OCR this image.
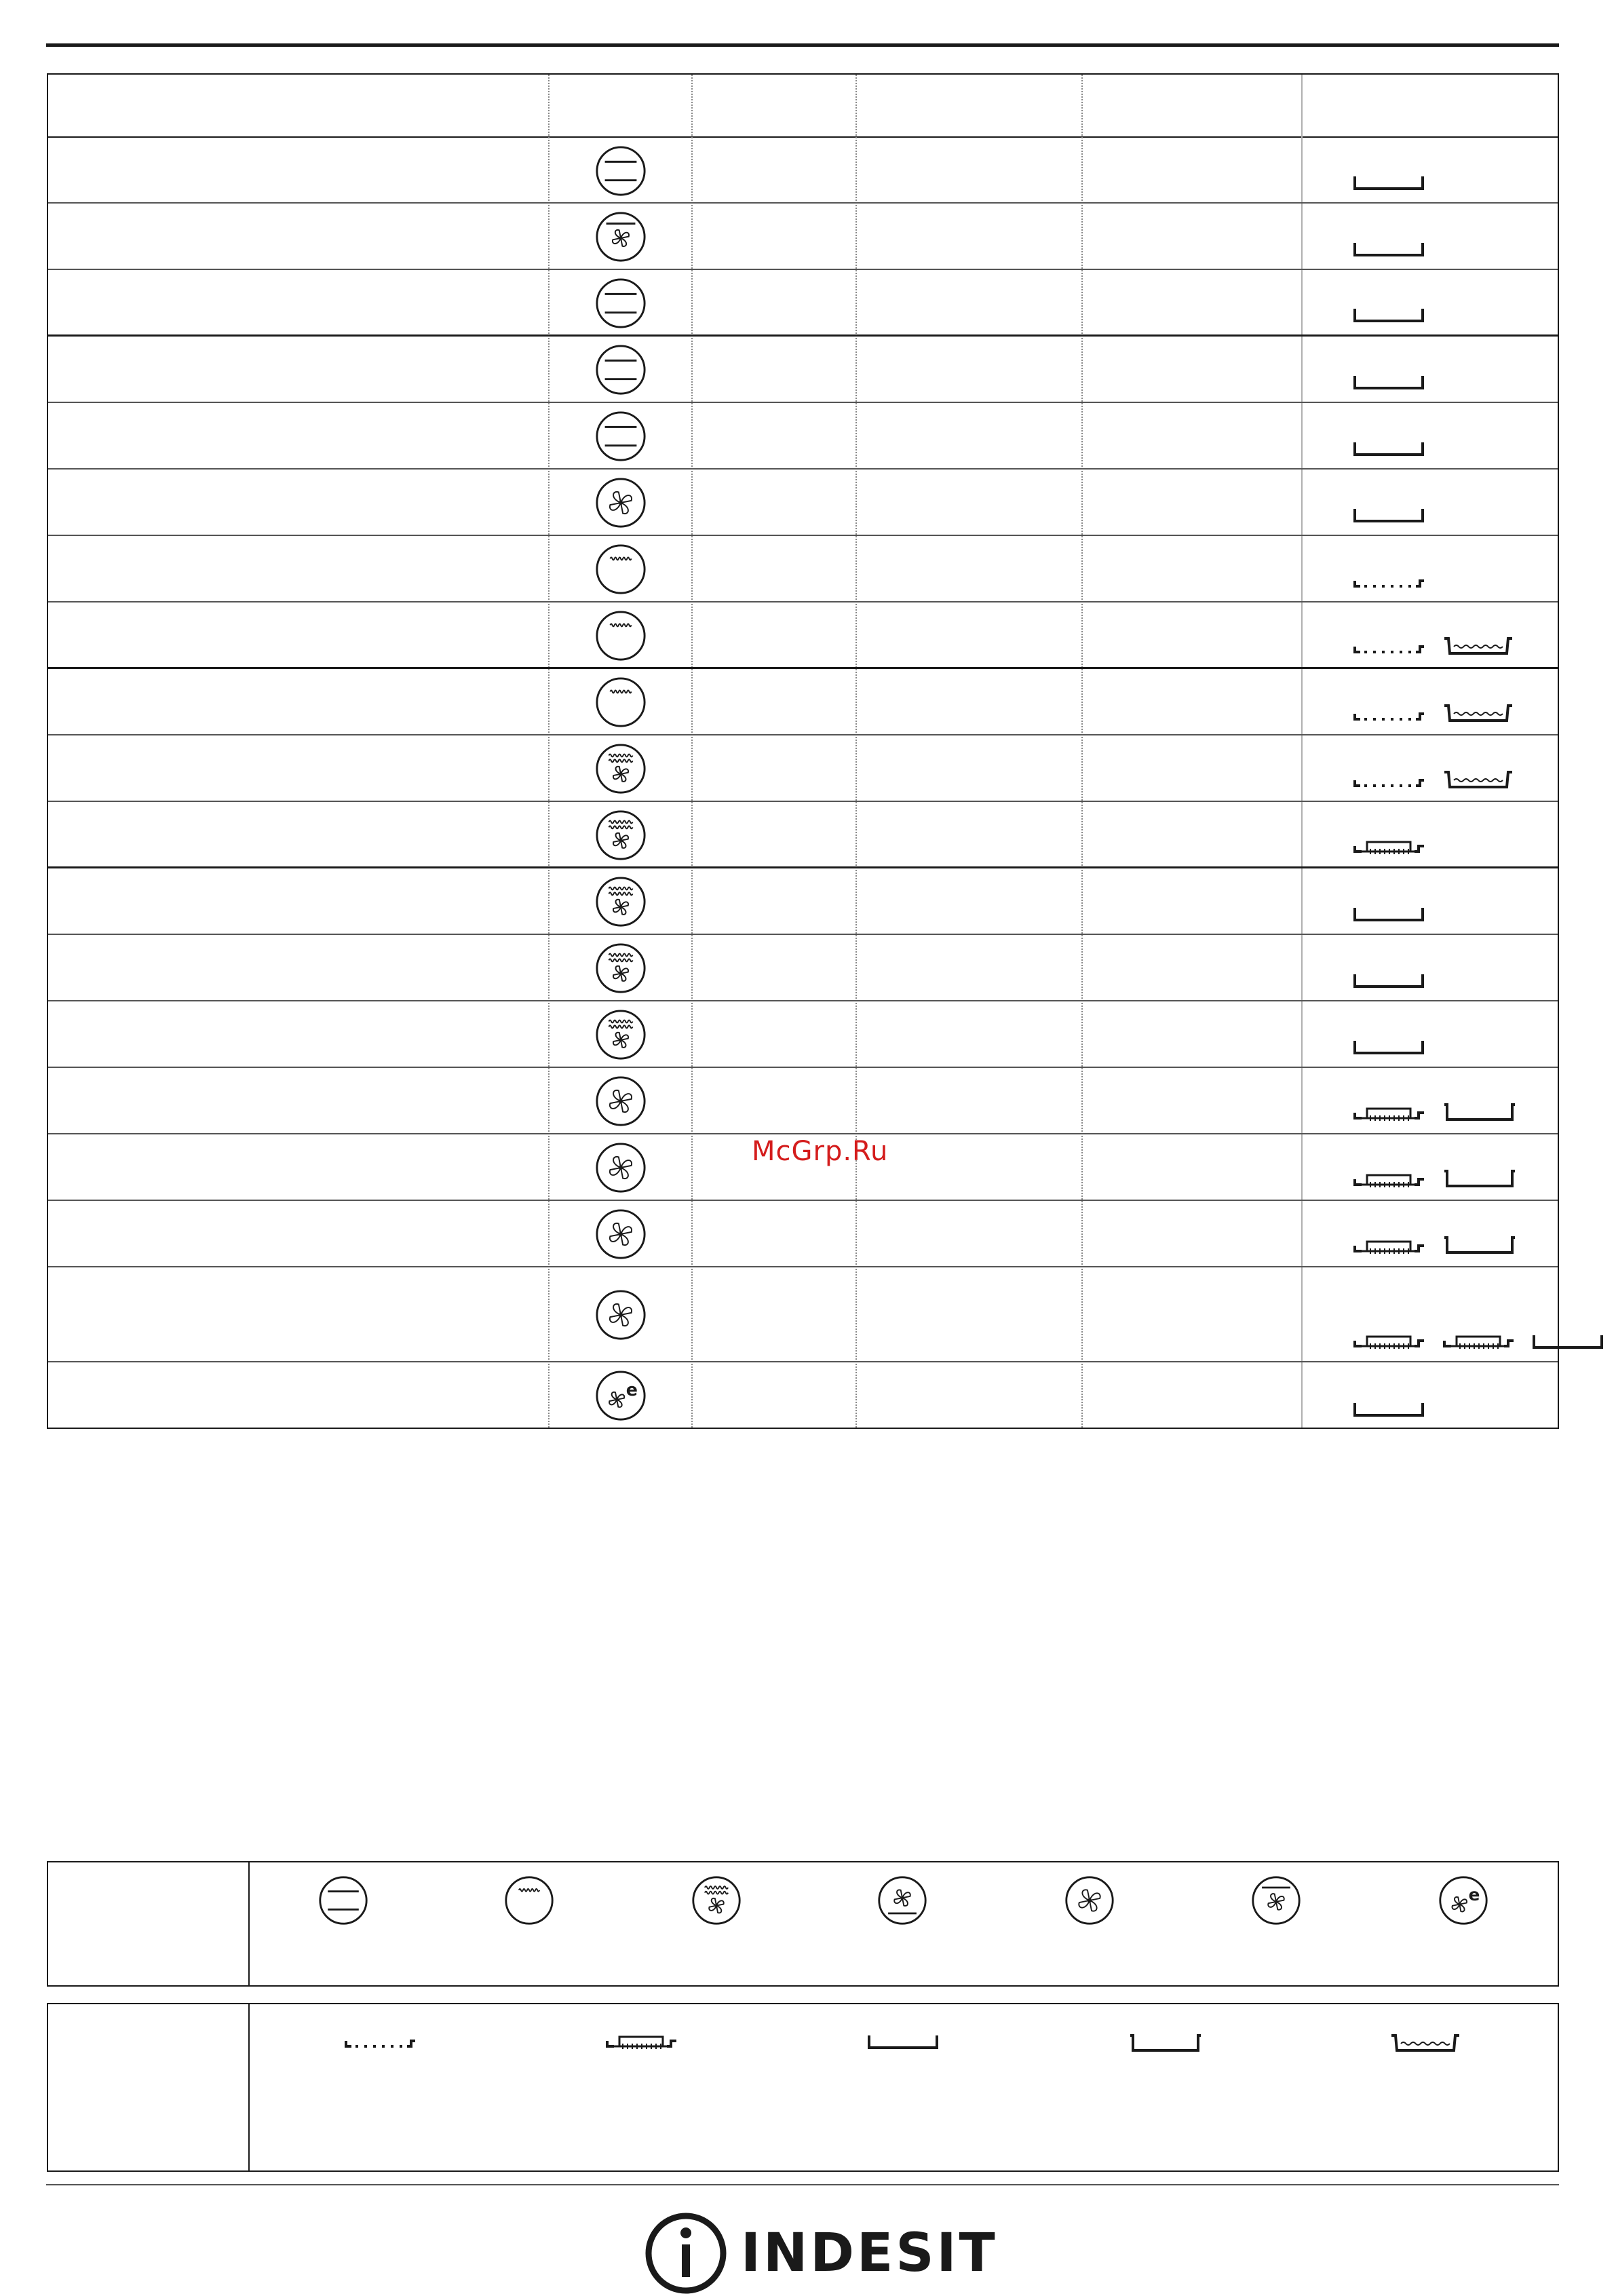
e
McGrp.Ru
e
INDESIT
